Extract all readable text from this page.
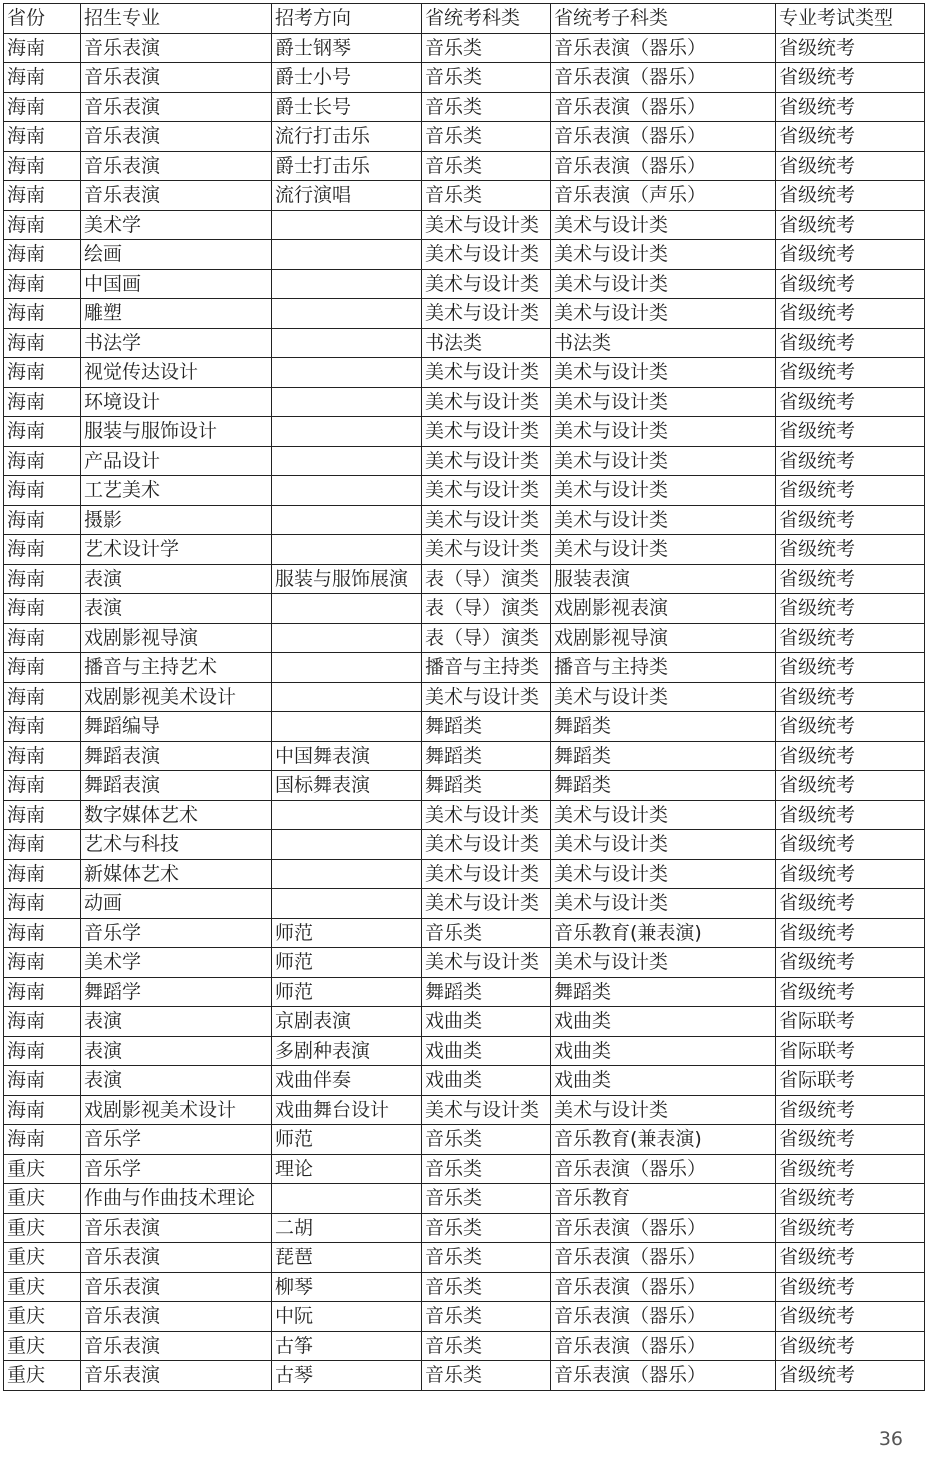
省份	招生专业	招考方向	省统考科类	省统考子科类	专业考试类型
海南	音乐表演	爵士钢琴	音乐类	音乐表演（器乐）	省级统考
海南	音乐表演	爵士小号	音乐类	音乐表演（器乐）	省级统考
海南	音乐表演	爵士长号	音乐类	音乐表演（器乐）	省级统考
海南	音乐表演	流行打击乐	音乐类	音乐表演（器乐）	省级统考
海南	音乐表演	爵士打击乐	音乐类	音乐表演（器乐）	省级统考
海南	音乐表演	流行演唱	音乐类	音乐表演（声乐）	省级统考
海南	美术学		美术与设计类	美术与设计类	省级统考
海南	绘画		美术与设计类	美术与设计类	省级统考
海南	中国画		美术与设计类	美术与设计类	省级统考
海南	雕塑		美术与设计类	美术与设计类	省级统考
海南	书法学		书法类	书法类	省级统考
海南	视觉传达设计		美术与设计类	美术与设计类	省级统考
海南	环境设计		美术与设计类	美术与设计类	省级统考
海南	服装与服饰设计		美术与设计类	美术与设计类	省级统考
海南	产品设计		美术与设计类	美术与设计类	省级统考
海南	工艺美术		美术与设计类	美术与设计类	省级统考
海南	摄影		美术与设计类	美术与设计类	省级统考
海南	艺术设计学		美术与设计类	美术与设计类	省级统考
海南	表演	服装与服饰展演	表（导）演类	服装表演	省级统考
海南	表演		表（导）演类	戏剧影视表演	省级统考
海南	戏剧影视导演		表（导）演类	戏剧影视导演	省级统考
海南	播音与主持艺术		播音与主持类	播音与主持类	省级统考
海南	戏剧影视美术设计		美术与设计类	美术与设计类	省级统考
海南	舞蹈编导		舞蹈类	舞蹈类	省级统考
海南	舞蹈表演	中国舞表演	舞蹈类	舞蹈类	省级统考
海南	舞蹈表演	国标舞表演	舞蹈类	舞蹈类	省级统考
海南	数字媒体艺术		美术与设计类	美术与设计类	省级统考
海南	艺术与科技		美术与设计类	美术与设计类	省级统考
海南	新媒体艺术		美术与设计类	美术与设计类	省级统考
海南	动画		美术与设计类	美术与设计类	省级统考
海南	音乐学	师范	音乐类	音乐教育(兼表演)	省级统考
海南	美术学	师范	美术与设计类	美术与设计类	省级统考
海南	舞蹈学	师范	舞蹈类	舞蹈类	省级统考
海南	表演	京剧表演	戏曲类	戏曲类	省际联考
海南	表演	多剧种表演	戏曲类	戏曲类	省际联考
海南	表演	戏曲伴奏	戏曲类	戏曲类	省际联考
海南	戏剧影视美术设计	戏曲舞台设计	美术与设计类	美术与设计类	省级统考
海南	音乐学	师范	音乐类	音乐教育(兼表演)	省级统考
重庆	音乐学	理论	音乐类	音乐表演（器乐）	省级统考
重庆	作曲与作曲技术理论		音乐类	音乐教育	省级统考
重庆	音乐表演	二胡	音乐类	音乐表演（器乐）	省级统考
重庆	音乐表演	琵琶	音乐类	音乐表演（器乐）	省级统考
重庆	音乐表演	柳琴	音乐类	音乐表演（器乐）	省级统考
重庆	音乐表演	中阮	音乐类	音乐表演（器乐）	省级统考
重庆	音乐表演	古筝	音乐类	音乐表演（器乐）	省级统考
重庆	音乐表演	古琴	音乐类	音乐表演（器乐）	省级统考
36
